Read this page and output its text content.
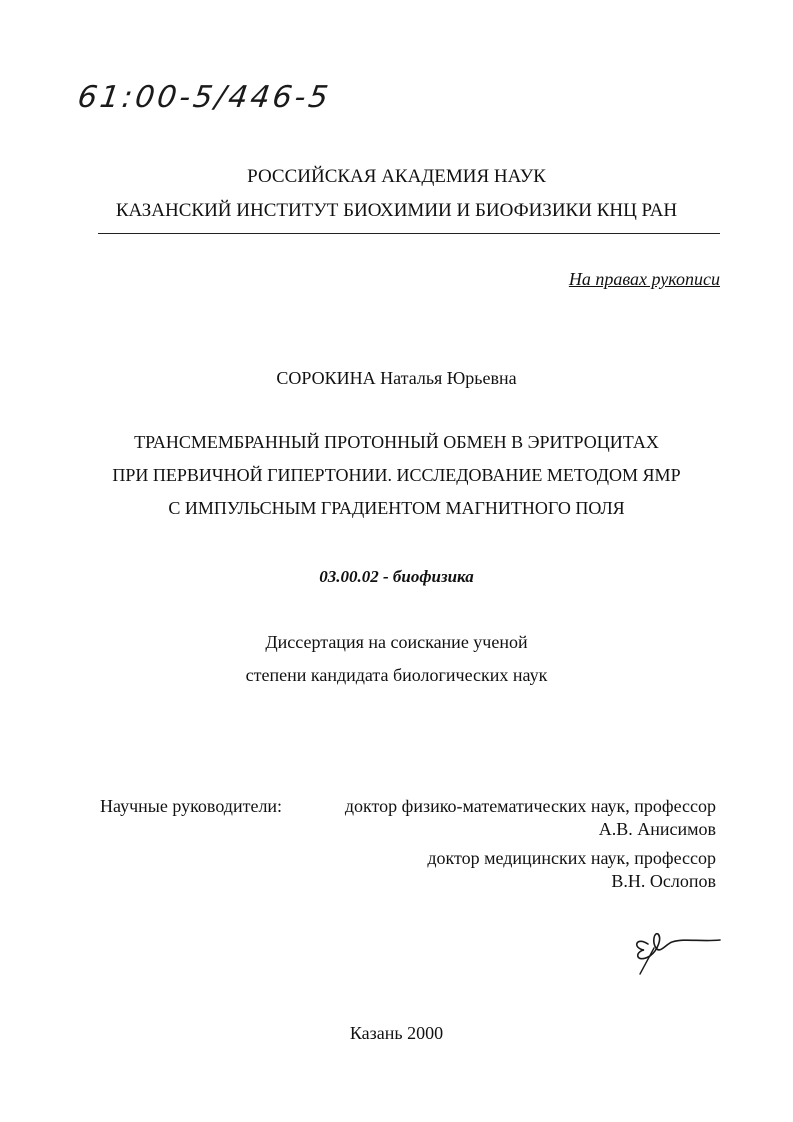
61:00-5/446-5
РОССИЙСКАЯ АКАДЕМИЯ НАУК
КАЗАНСКИЙ ИНСТИТУТ БИОХИМИИ И БИОФИЗИКИ КНЦ РАН
На правах рукописи
СОРОКИНА Наталья Юрьевна
ТРАНСМЕМБРАННЫЙ ПРОТОННЫЙ ОБМЕН В ЭРИТРОЦИТАХ
ПРИ ПЕРВИЧНОЙ ГИПЕРТОНИИ. ИССЛЕДОВАНИЕ МЕТОДОМ ЯМР
С ИМПУЛЬСНЫМ ГРАДИЕНТОМ МАГНИТНОГО ПОЛЯ
03.00.02 - биофизика
Диссертация на соискание ученой
степени кандидата биологических наук
Научные руководители:	доктор физико-математических наук, профессор
А.В. Анисимов
доктор медицинских наук, профессор
В.Н. Ослопов
Казань 2000
